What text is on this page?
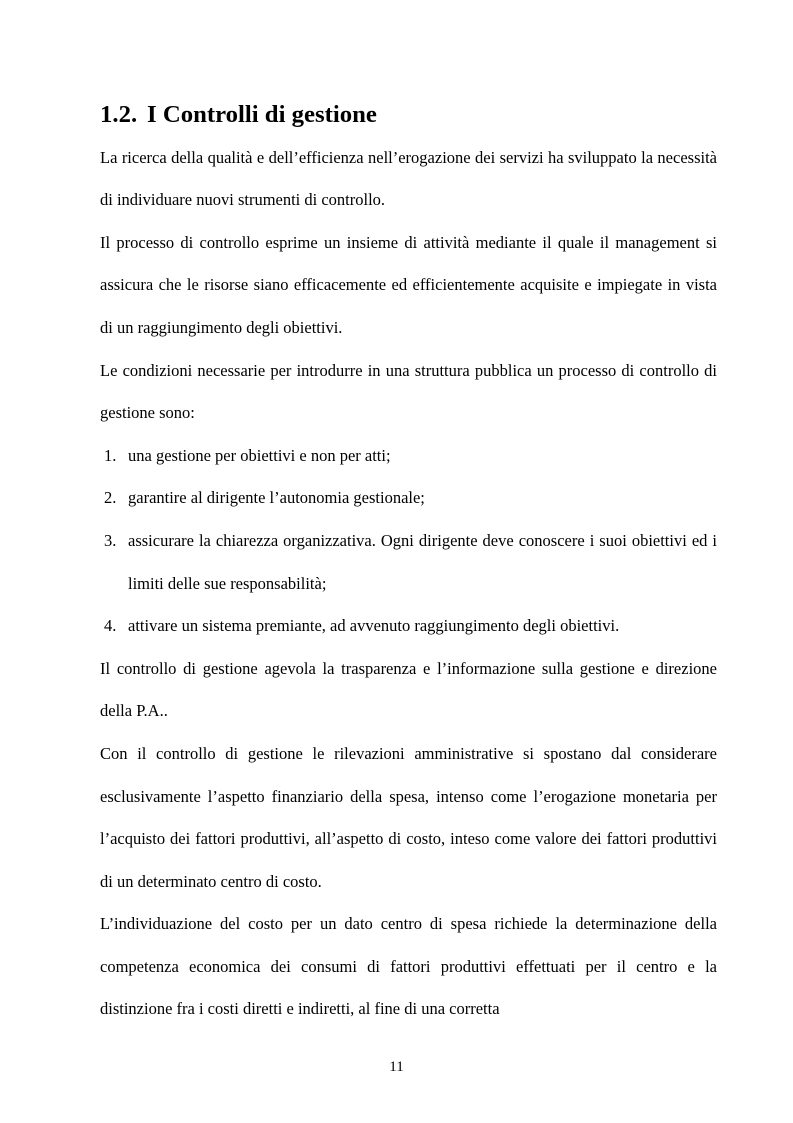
1.2. I Controlli di gestione

La ricerca della qualità e dell’efficienza nell’erogazione dei servizi ha sviluppato la necessità di individuare nuovi strumenti di controllo.

Il processo di controllo esprime un insieme di attività mediante il quale il management si assicura che le risorse siano efficacemente ed efficientemente acquisite e impiegate in vista di un raggiungimento degli obiettivi.

Le condizioni necessarie per introdurre in una struttura pubblica un processo di controllo di gestione sono:

1. una gestione per obiettivi e non per atti;
2. garantire al dirigente l’autonomia gestionale;
3. assicurare la chiarezza organizzativa. Ogni dirigente deve conoscere i suoi obiettivi ed i limiti delle sue responsabilità;
4. attivare un sistema premiante, ad avvenuto raggiungimento degli obiettivi.

Il controllo di gestione agevola la trasparenza e l’informazione sulla gestione e direzione della P.A..

Con il controllo di gestione le rilevazioni amministrative si spostano dal considerare esclusivamente l’aspetto finanziario della spesa, intenso come l’erogazione monetaria per l’acquisto dei fattori produttivi, all’aspetto di costo, inteso come valore dei fattori produttivi di un determinato centro di costo.

L’individuazione del costo per un dato centro di spesa richiede la determinazione della competenza economica dei consumi di fattori produttivi effettuati per il centro e la distinzione fra i costi diretti e indiretti, al fine di una corretta

11
